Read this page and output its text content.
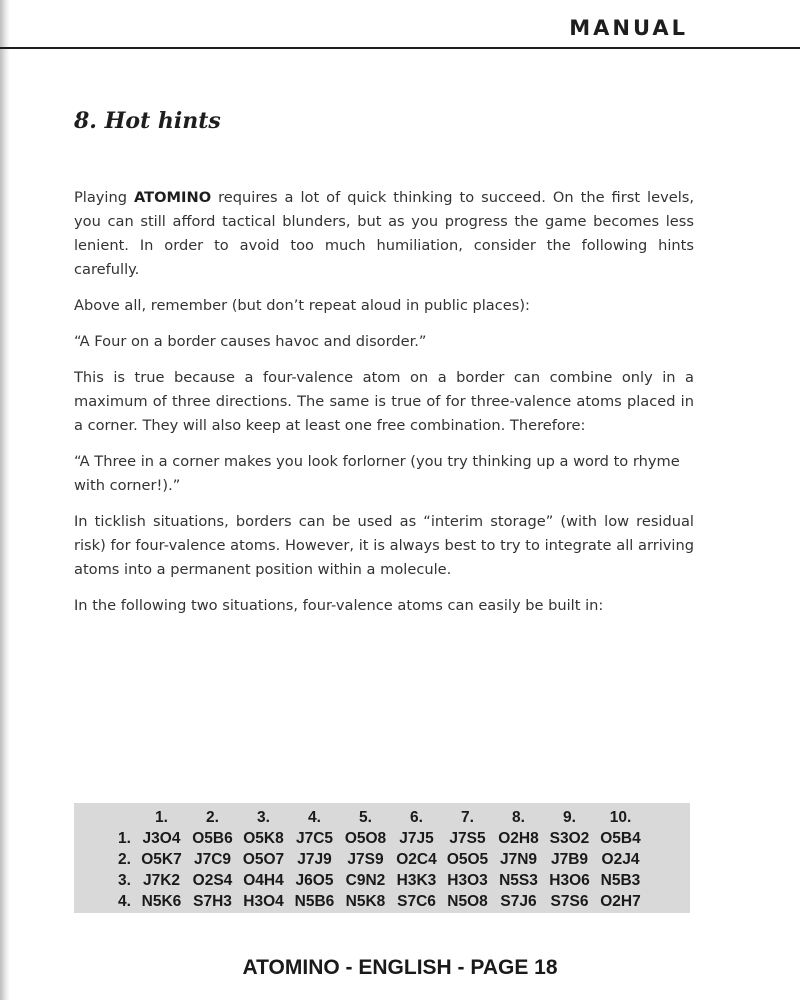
MANUAL
8. Hot hints

Playing ATOMINO requires a lot of quick thinking to succeed. On the first levels, you can still afford tactical blunders, but as you progress the game becomes less lenient. In order to avoid too much humiliation, consider the following hints carefully.

Above all, remember (but don’t repeat aloud in public places):

“A Four on a border causes havoc and disorder.”

This is true because a four-valence atom on a border can combine only in a maximum of three directions. The same is true of for three-valence atoms placed in a corner. They will also keep at least one free combination. Therefore:

“A Three in a corner makes you look forlorner (you try thinking up a word to rhyme with corner!).”

In ticklish situations, borders can be used as “interim storage” (with low residual risk) for four-valence atoms. However, it is always best to try to integrate all arriving atoms into a permanent position within a molecule.

In the following two situations, four-valence atoms can easily be built in:

1.	2.	3.	4.	5.	6.	7.	8.	9.	10.
1. J3O4 O5B6 O5K8 J7C5 O5O8 J7J5	J7S5 O2H8 S3O2 O5B4
2. O5K7 J7C9 O5O7 J7J9	J7S9 O2C4 O5O5 J7N9 J7B9 O2J4
3. J7K2 O2S4 O4H4 J6O5 C9N2 H3K3 H3O3 N5S3 H3O6 N5B3
4. N5K6 S7H3 H3O4 N5B6 N5K8 S7C6 N5O8 S7J6 S7S6 O2H7
ATOMINO - ENGLISH - PAGE 18
